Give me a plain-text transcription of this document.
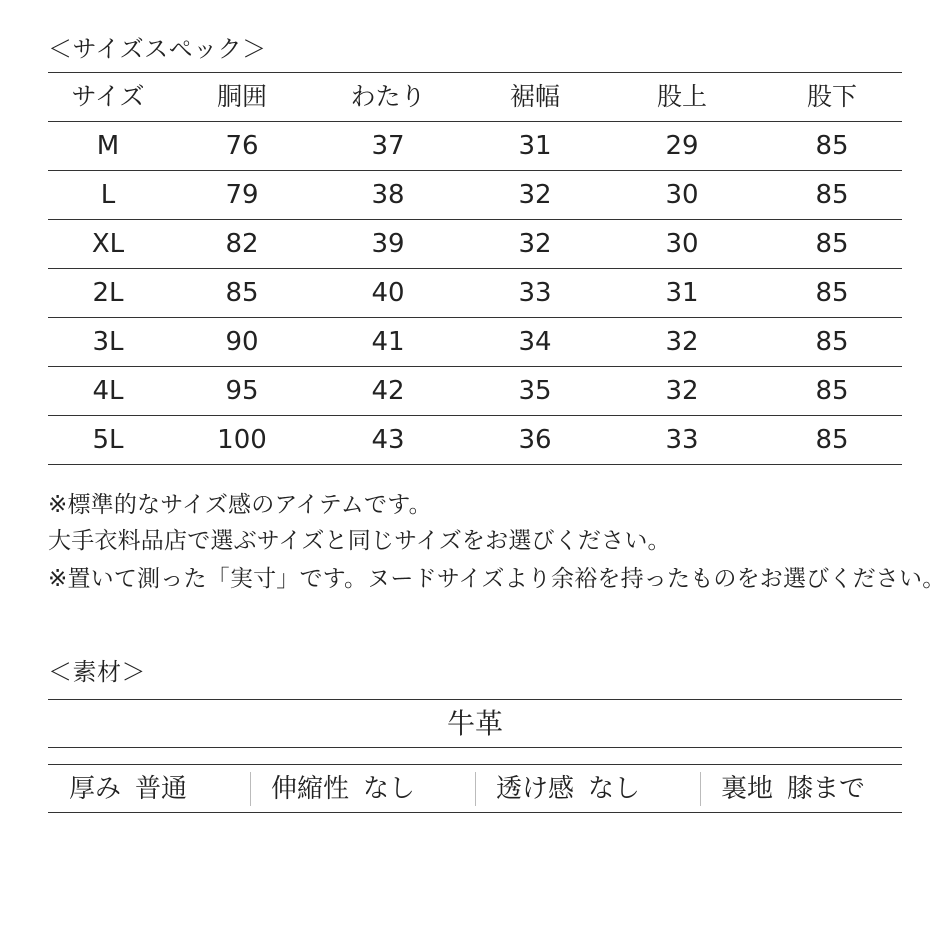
＜サイズスペック＞
サイズ	胴囲	わたり	裾幅	股上	股下
M	76	37	31	29	85
L	79	38	32	30	85
XL	82	39	32	30	85
2L	85	40	33	31	85
3L	90	41	34	32	85
4L	95	42	35	32	85
5L	100	43	36	33	85
※標準的なサイズ感のアイテムです。
大手衣料品店で選ぶサイズと同じサイズをお選びください。
※置いて測った「実寸」です。ヌードサイズより余裕を持ったものをお選びください。
＜素材＞
牛革
厚み 普通	伸縮性 なし	透け感 なし	裏地 膝まで
